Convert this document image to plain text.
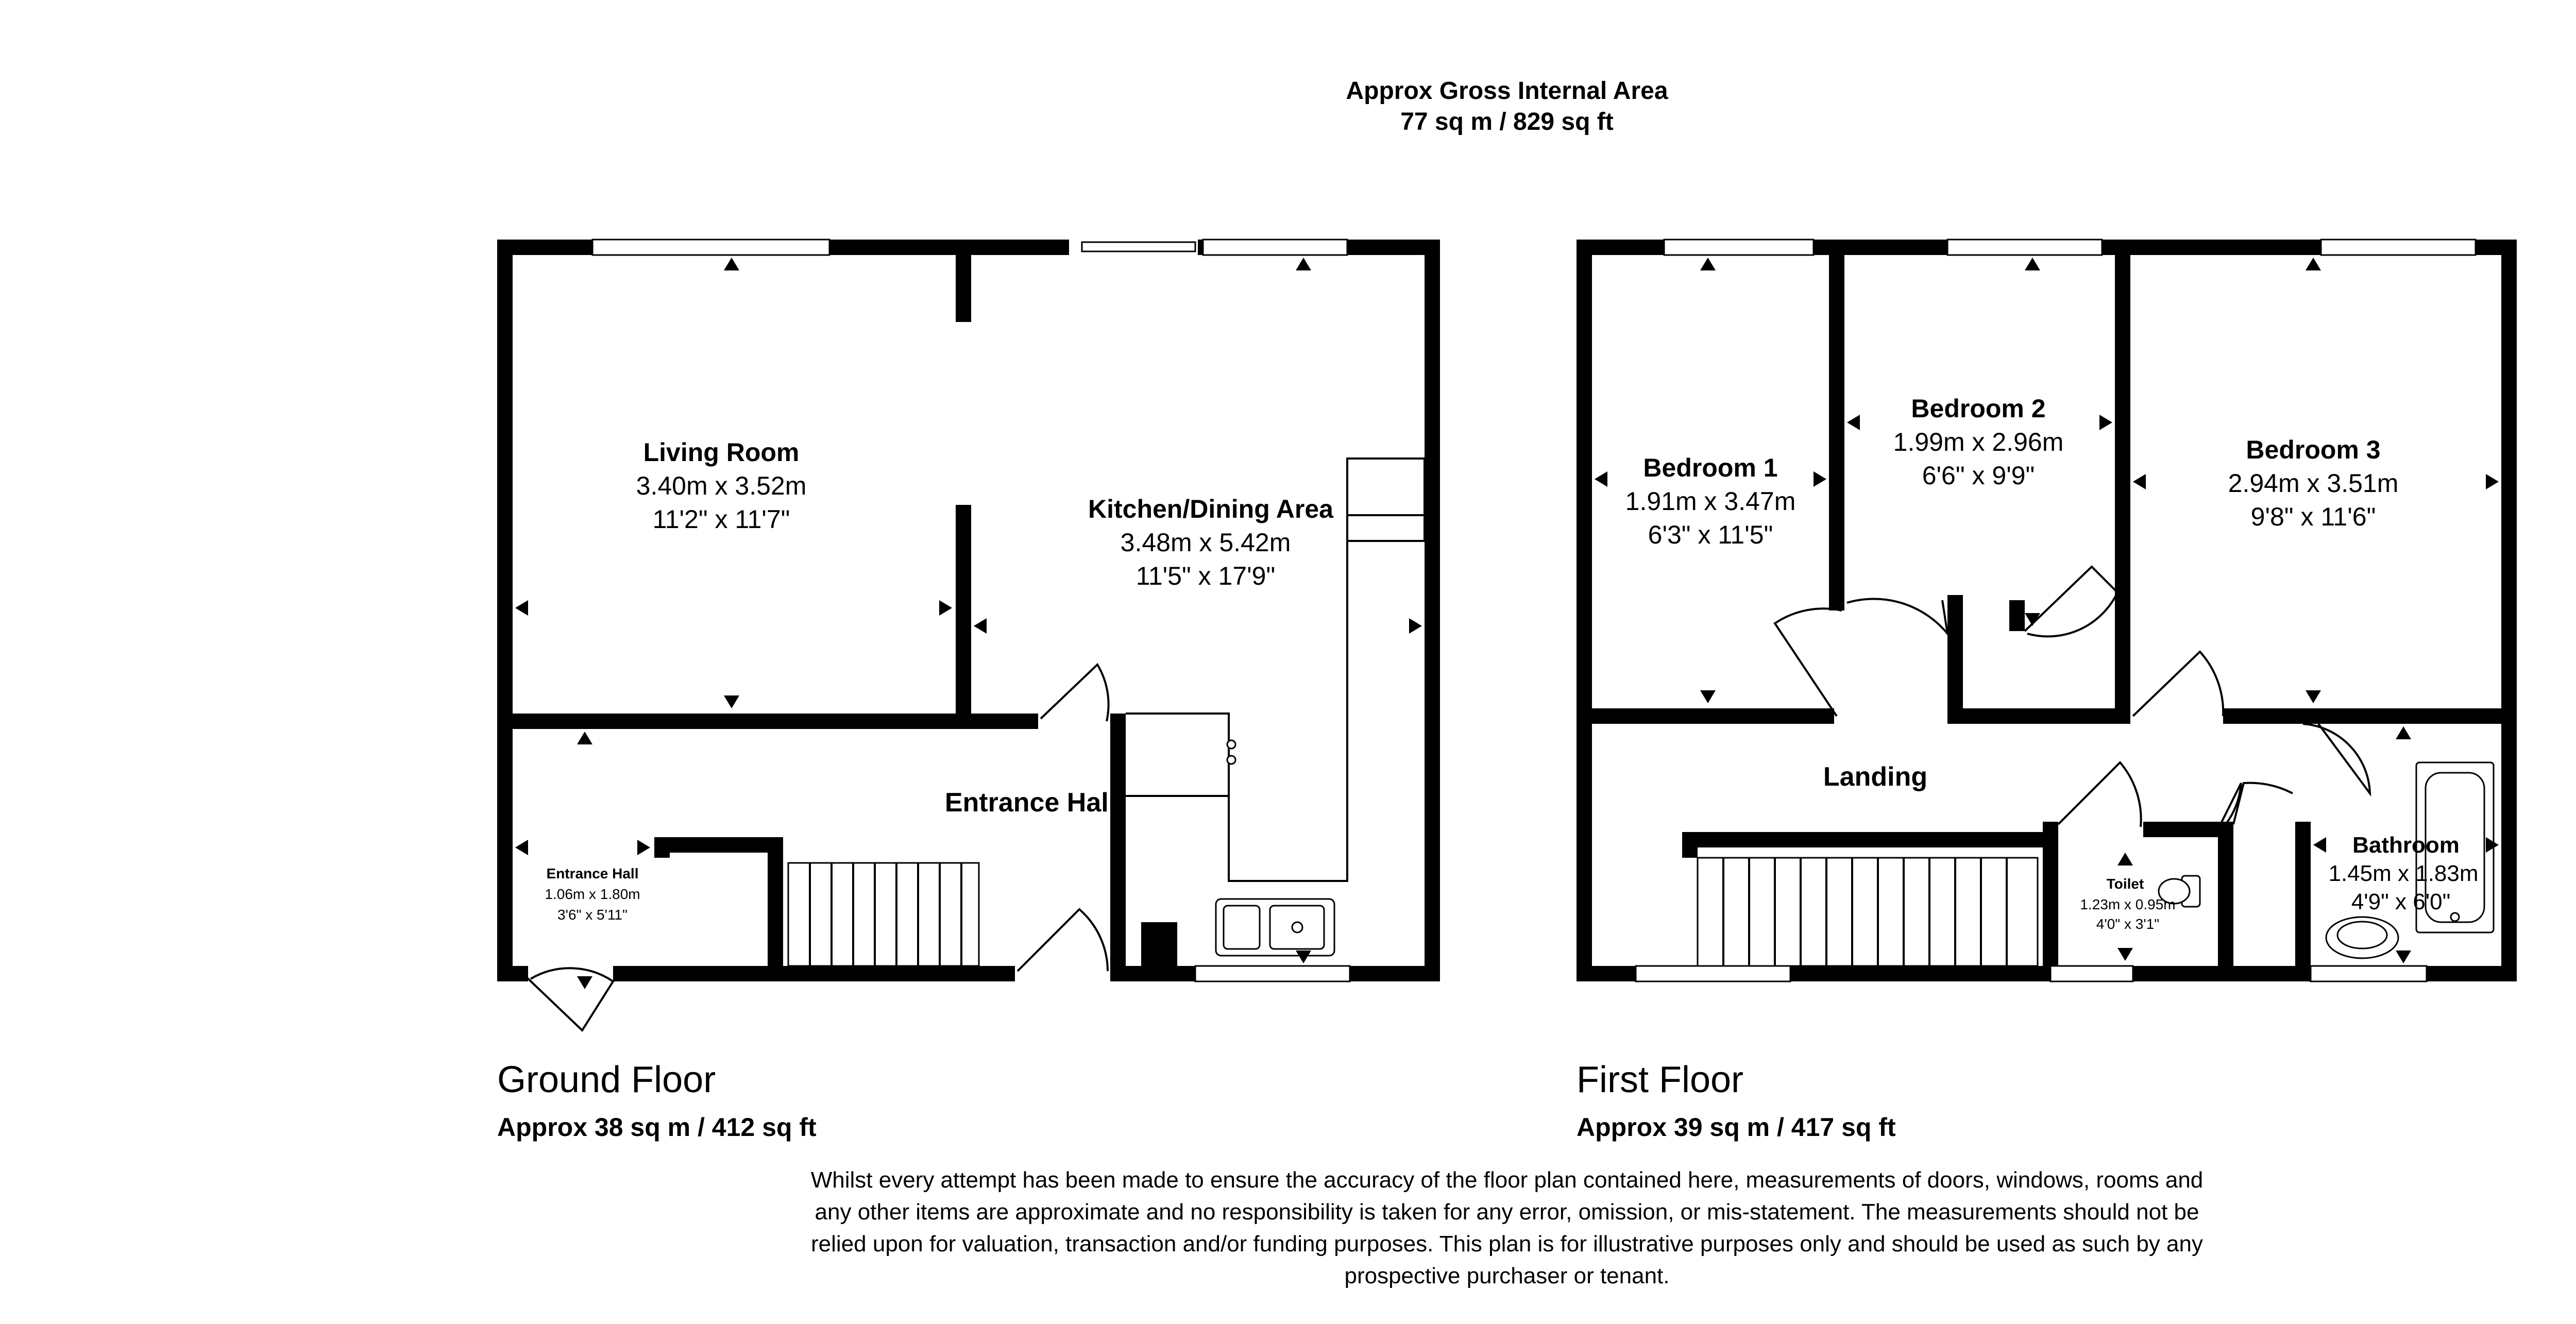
Approx Gross Internal Area
77 sq m / 829 sq ft
Living Room
3.40m x 3.52m
11'2" x 11'7"	Kitchen/Dining Area
3.48m x 5.42m
11'5" x 17'9"
Entrance Hall
Entrance Hall
1.06m x 1.80m
3'6" x 5'11"
Bedroom 1
1.91m x 3.47m
6'3" x 11'5"
Bedroom 2
1.99m x 2.96m
6'6" x 9'9"
Bedroom 3
2.94m x 3.51m
9'8" x 11'6"
Landing
Toilet
1.23m x 0.95m
4'0" x 3'1"
Bathroom
1.45m x 1.83m
4'9" x 6'0"
Ground Floor
Approx 38 sq m / 412 sq ft
First Floor
Approx 39 sq m / 417 sq ft
Whilst every attempt has been made to ensure the accuracy of the floor plan contained here, measurements of doors, windows, rooms and
any other items are approximate and no responsibility is taken for any error, omission, or mis-statement. The measurements should not be
relied upon for valuation, transaction and/or funding purposes. This plan is for illustrative purposes only and should be used as such by any
prospective purchaser or tenant.
